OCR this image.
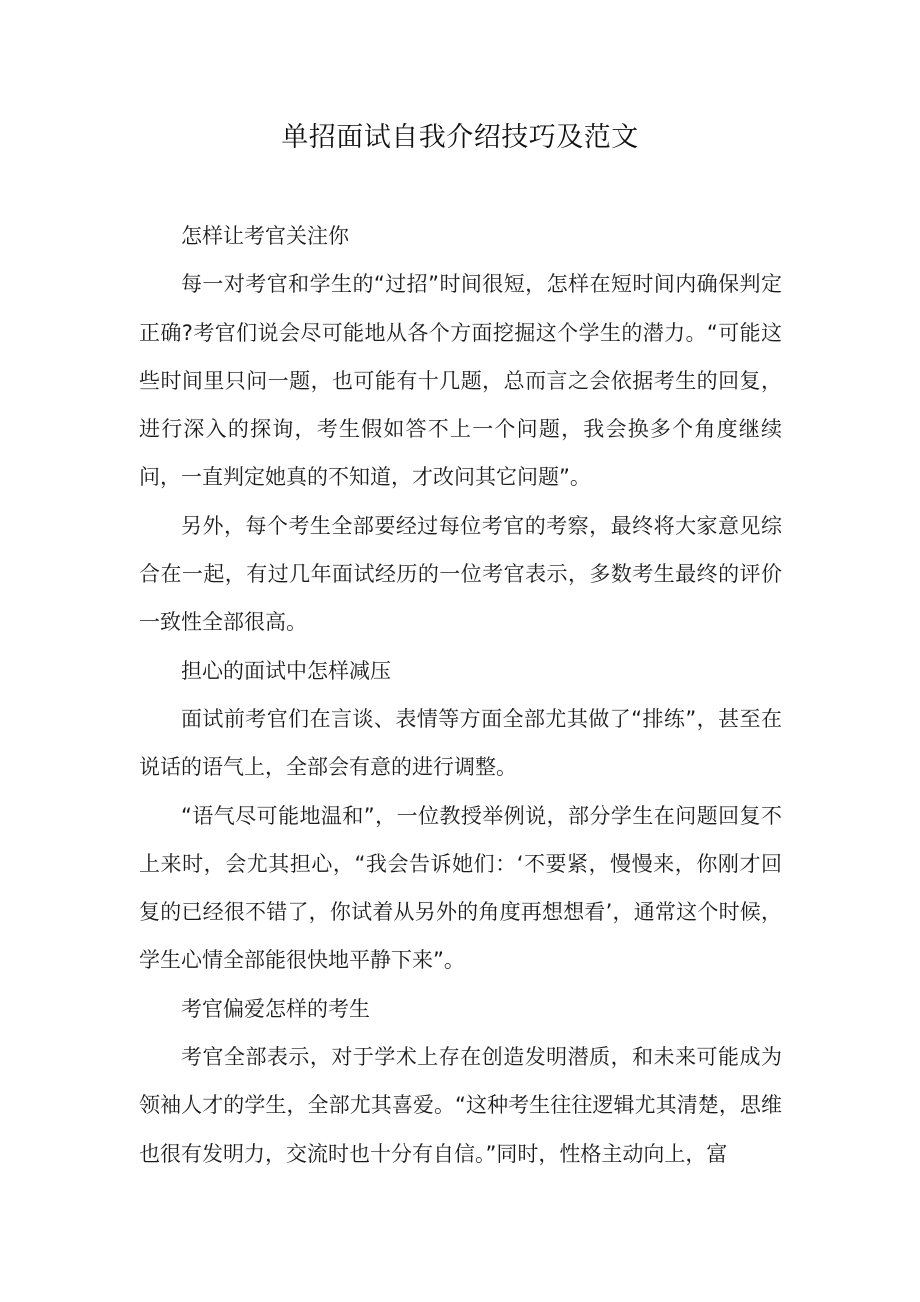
单招面试自我介绍技巧及范文

怎样让考官关注你

每一对考官和学生的“过招”时间很短，怎样在短时间内确保判定正确?考官们说会尽可能地从各个方面挖掘这个学生的潜力。“可能这些时间里只问一题，也可能有十几题，总而言之会依据考生的回复，进行深入的探询，考生假如答不上一个问题，我会换多个角度继续问，一直判定她真的不知道，才改问其它问题”。

另外，每个考生全部要经过每位考官的考察，最终将大家意见综合在一起，有过几年面试经历的一位考官表示，多数考生最终的评价一致性全部很高。

担心的面试中怎样减压

面试前考官们在言谈、表情等方面全部尤其做了“排练”，甚至在说话的语气上，全部会有意的进行调整。

“语气尽可能地温和”，一位教授举例说，部分学生在问题回复不上来时，会尤其担心，“我会告诉她们：‘不要紧，慢慢来，你刚才回复的已经很不错了，你试着从另外的角度再想想看’，通常这个时候，学生心情全部能很快地平静下来”。

考官偏爱怎样的考生

考官全部表示，对于学术上存在创造发明潜质，和未来可能成为领袖人才的学生，全部尤其喜爱。“这种考生往往逻辑尤其清楚，思维也很有发明力，交流时也十分有自信。”同时，性格主动向上，富
